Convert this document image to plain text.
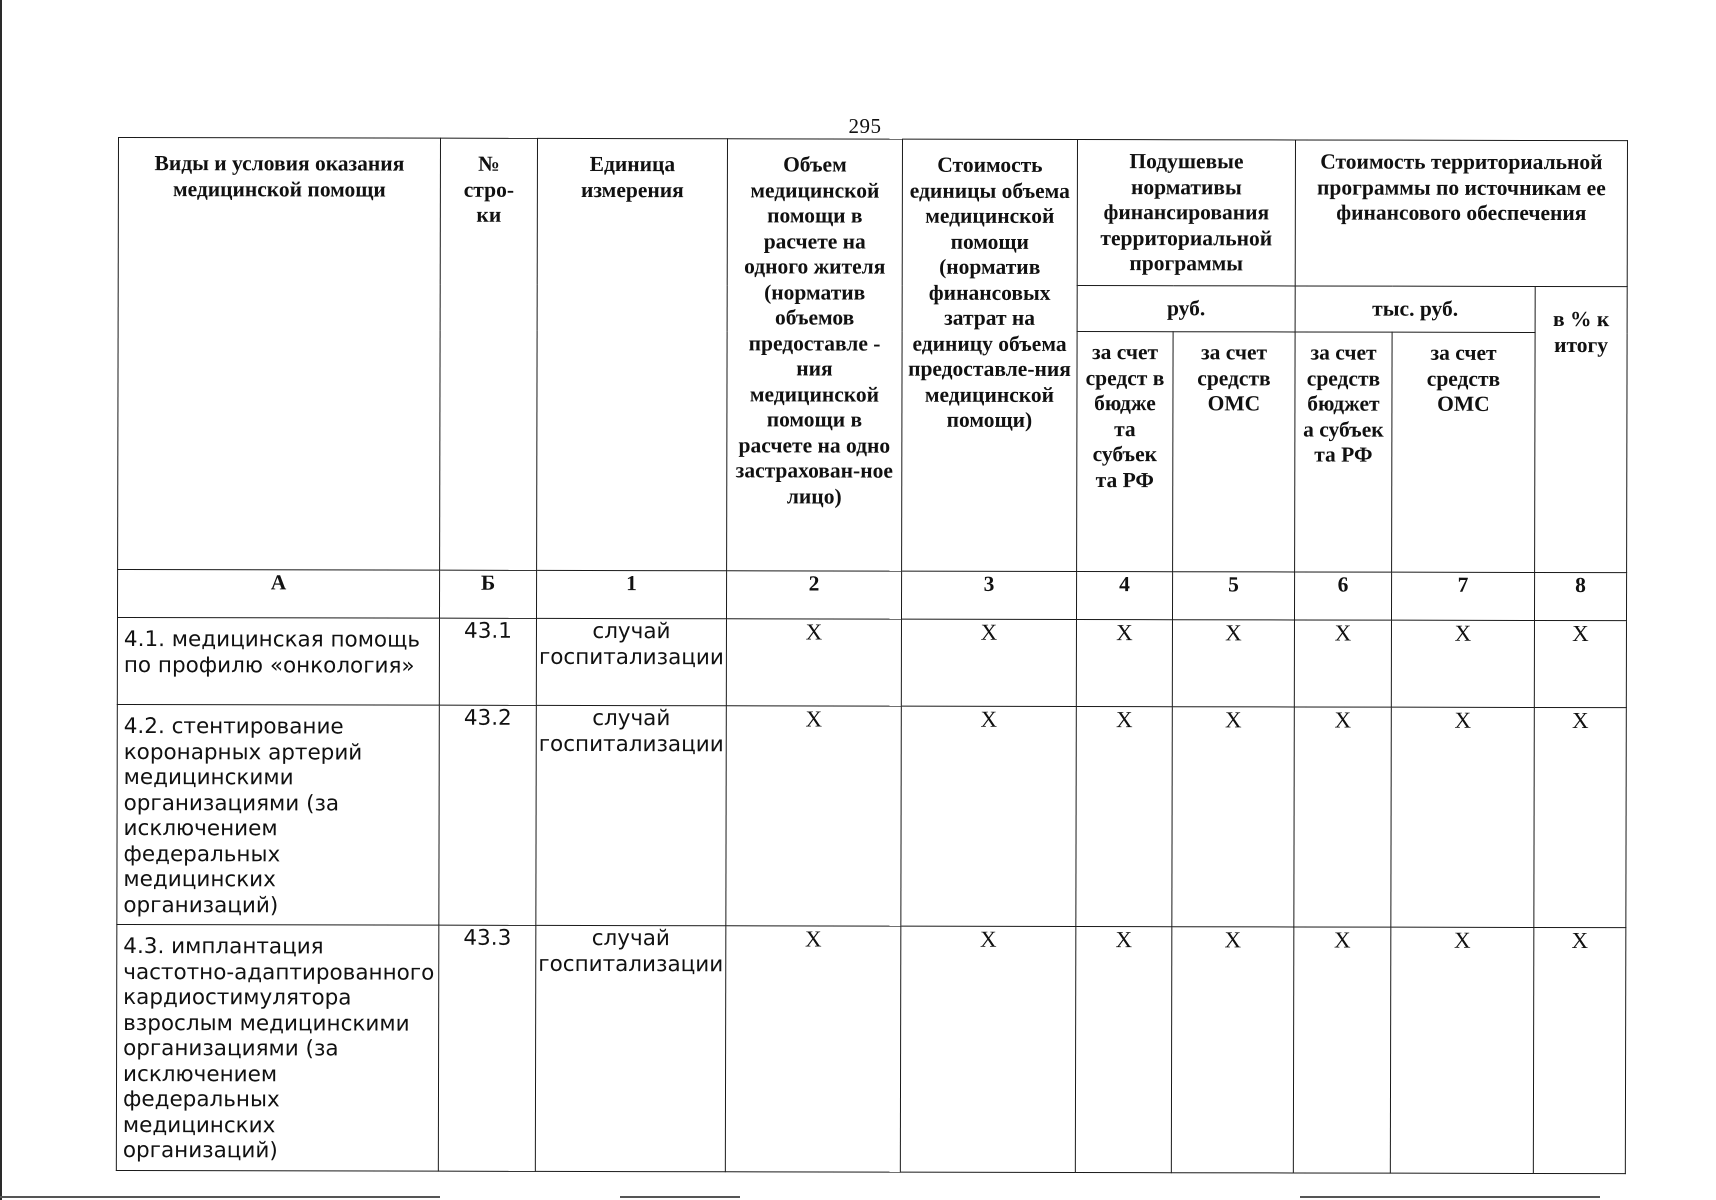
295
Виды и условия оказания медицинской помощи	№ стро-ки	Единица измерения	Объем медицинской помощи в расчете на одного жителя (норматив объемов предоставле - ния медицинской помощи в расчете на одно застрахован-ное лицо)	Стоимость единицы объема медицинской помощи (норматив финансовых затрат на единицу объема предоставле-ния медицинской помощи)	Подушевые нормативы финансирования территориальной программы		Стоимость территориальной программы по источникам ее финансового обеспечения		

					руб.		тыс. руб.		в % к итогу

					за счет средст в бюдже та субъек та РФ	за счет средств ОМС	за счет средств бюджет а субъек та РФ	за счет средств ОМС	

А	Б	1	2	3	4	5	6	7	8
4.1. медицинская помощь по профилю «онкология»	43.1	случай госпитализации	Х	Х	Х	Х	Х	Х	Х
4.2. стентирование коронарных артерий медицинскими организациями (за исключением федеральных медицинских организаций)	43.2	случай госпитализации	Х	Х	Х	Х	Х	Х	Х
4.3. имплантация частотно-адаптированного кардиостимулятора взрослым медицинскими организациями (за исключением федеральных медицинских организаций)	43.3	случай госпитализации	Х	Х	Х	Х	Х	Х	Х
